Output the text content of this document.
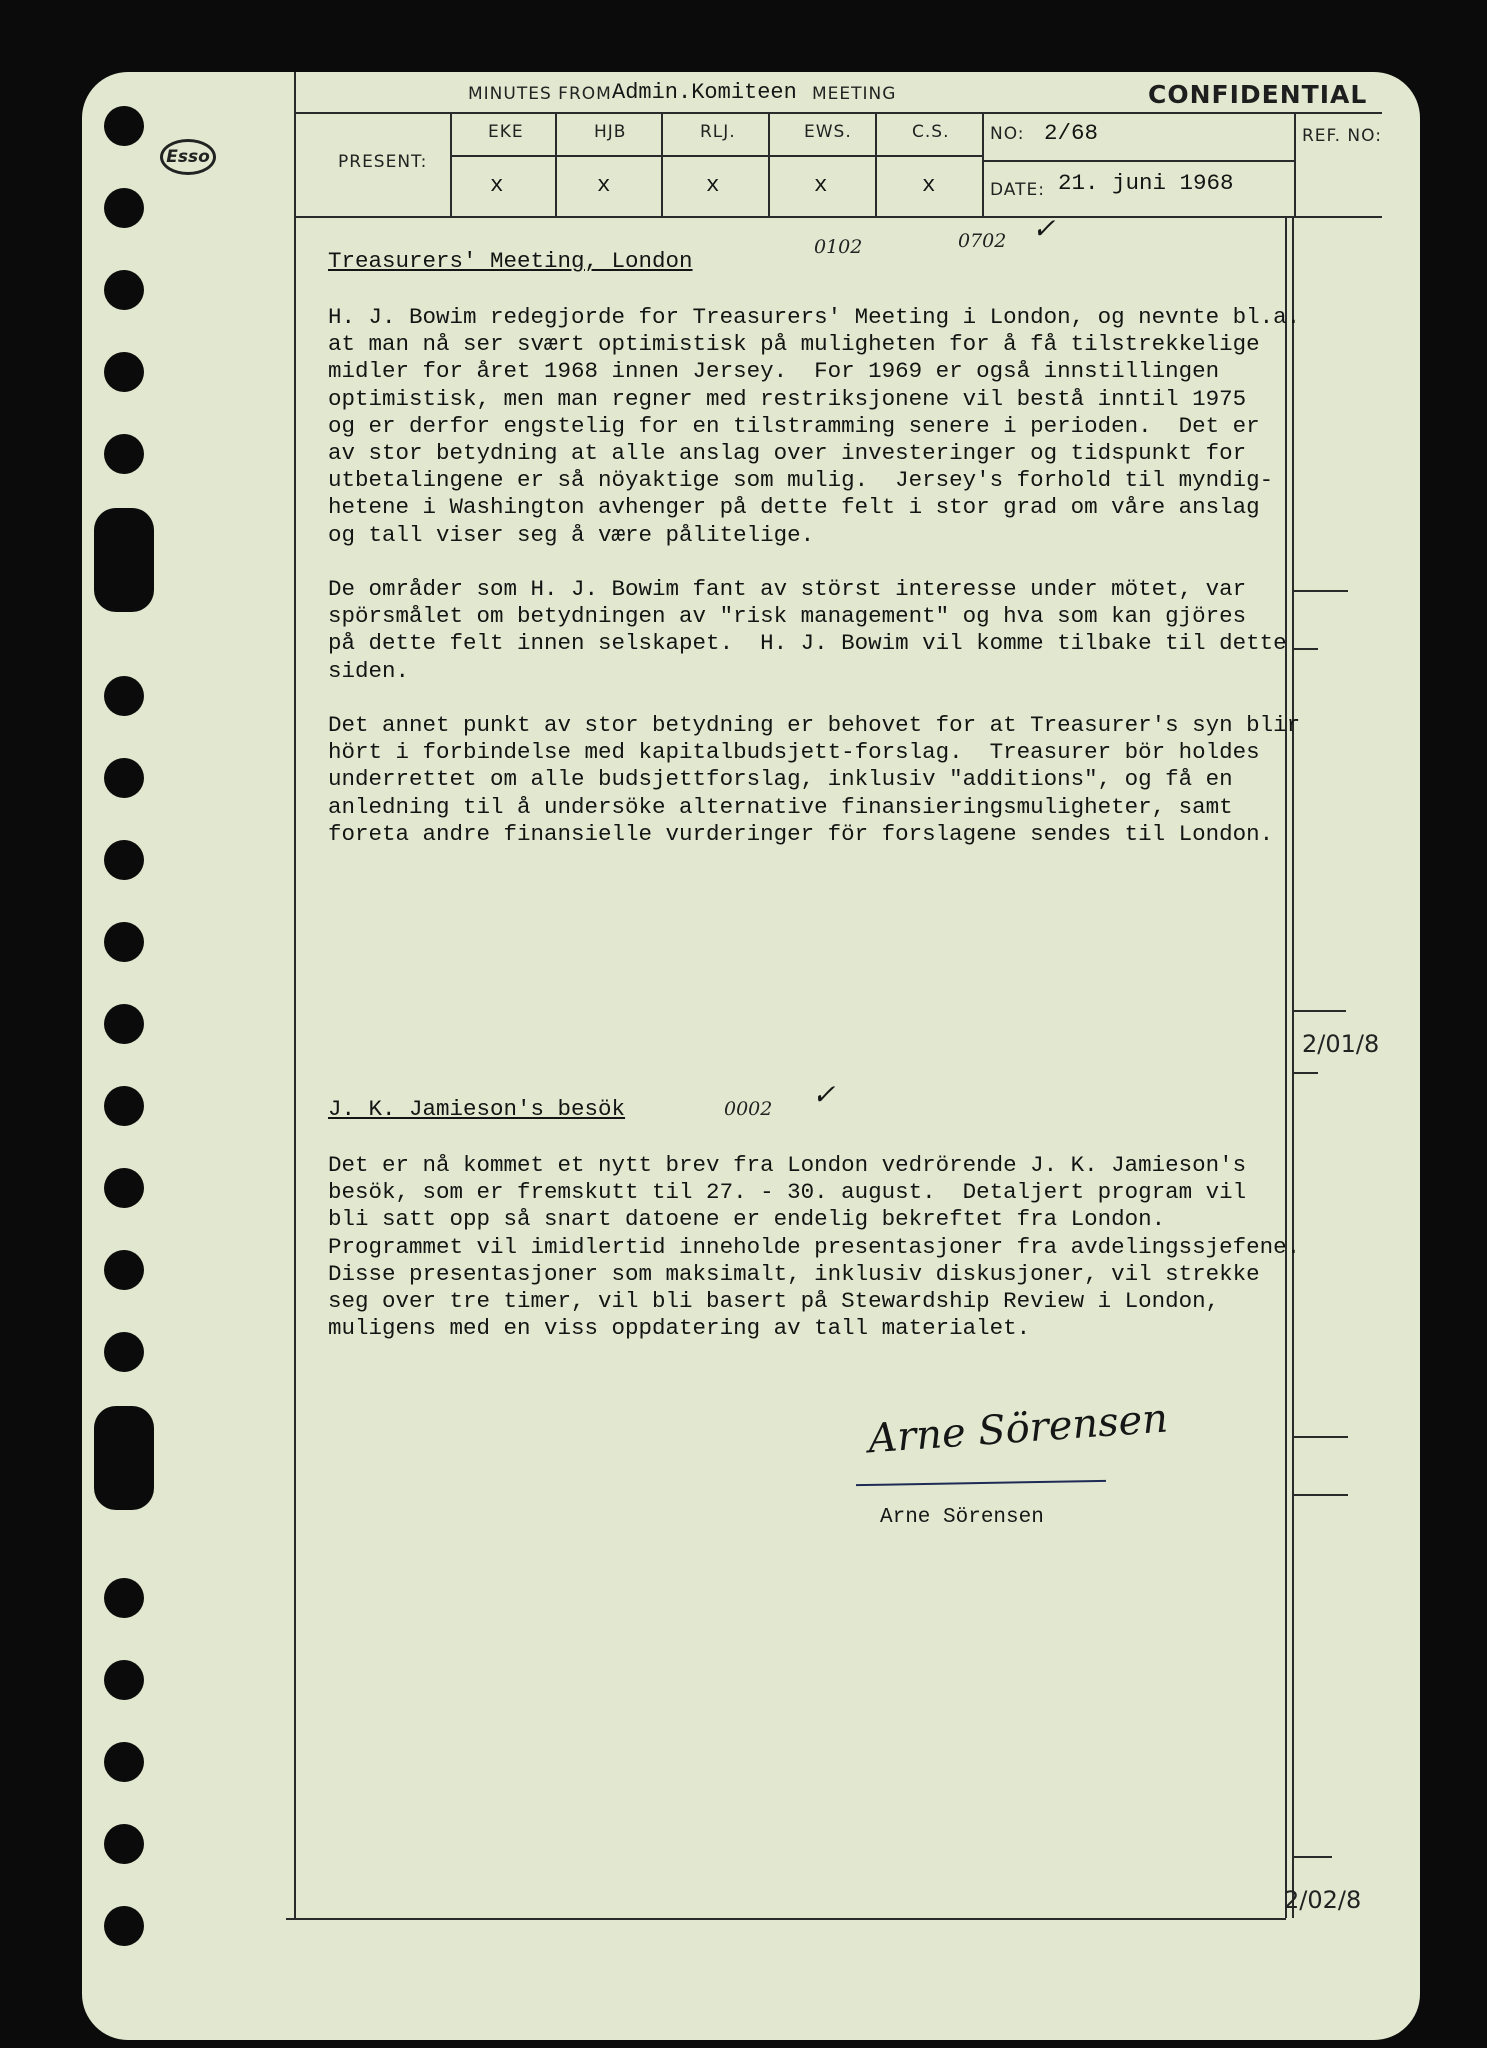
Esso
MINUTES FROM Admin.Komiteen MEETING	CONFIDENTIAL
PRESENT:
EKE	HJB	RLJ.	EWS.	C.S.
x	x	x	x	x
NO: 2/68
DATE: 21. juni 1968
REF. NO:
Treasurers' Meeting, London
0102	0702 ✓
H. J. Bowim redegjorde for Treasurers' Meeting i London, og nevnte bl.a.
at man nå ser svært optimistisk på muligheten for å få tilstrekkelige
midler for året 1968 innen Jersey.  For 1969 er også innstillingen
optimistisk, men man regner med restriksjonene vil bestå inntil 1975
og er derfor engstelig for en tilstramming senere i perioden.  Det er
av stor betydning at alle anslag over investeringer og tidspunkt for
utbetalingene er så nöyaktige som mulig.  Jersey's forhold til myndig-
hetene i Washington avhenger på dette felt i stor grad om våre anslag
og tall viser seg å være pålitelige.
De områder som H. J. Bowim fant av störst interesse under mötet, var
spörsmålet om betydningen av "risk management" og hva som kan gjöres
på dette felt innen selskapet.  H. J. Bowim vil komme tilbake til dette
siden.
Det annet punkt av stor betydning er behovet for at Treasurer's syn blir
hört i forbindelse med kapitalbudsjett-forslag.  Treasurer bör holdes
underrettet om alle budsjettforslag, inklusiv "additions", og få en
anledning til å undersöke alternative finansieringsmuligheter, samt
foreta andre finansielle vurderinger för forslagene sendes til London.
2/01/8
J. K. Jamieson's besök	0002 ✓
Det er nå kommet et nytt brev fra London vedrörende J. K. Jamieson's
besök, som er fremskutt til 27. - 30. august.  Detaljert program vil
bli satt opp så snart datoene er endelig bekreftet fra London.
Programmet vil imidlertid inneholde presentasjoner fra avdelingssjefene.
Disse presentasjoner som maksimalt, inklusiv diskusjoner, vil strekke
seg over tre timer, vil bli basert på Stewardship Review i London,
muligens med en viss oppdatering av tall materialet.
Arne Sörensen
Arne Sörensen
2/02/8
